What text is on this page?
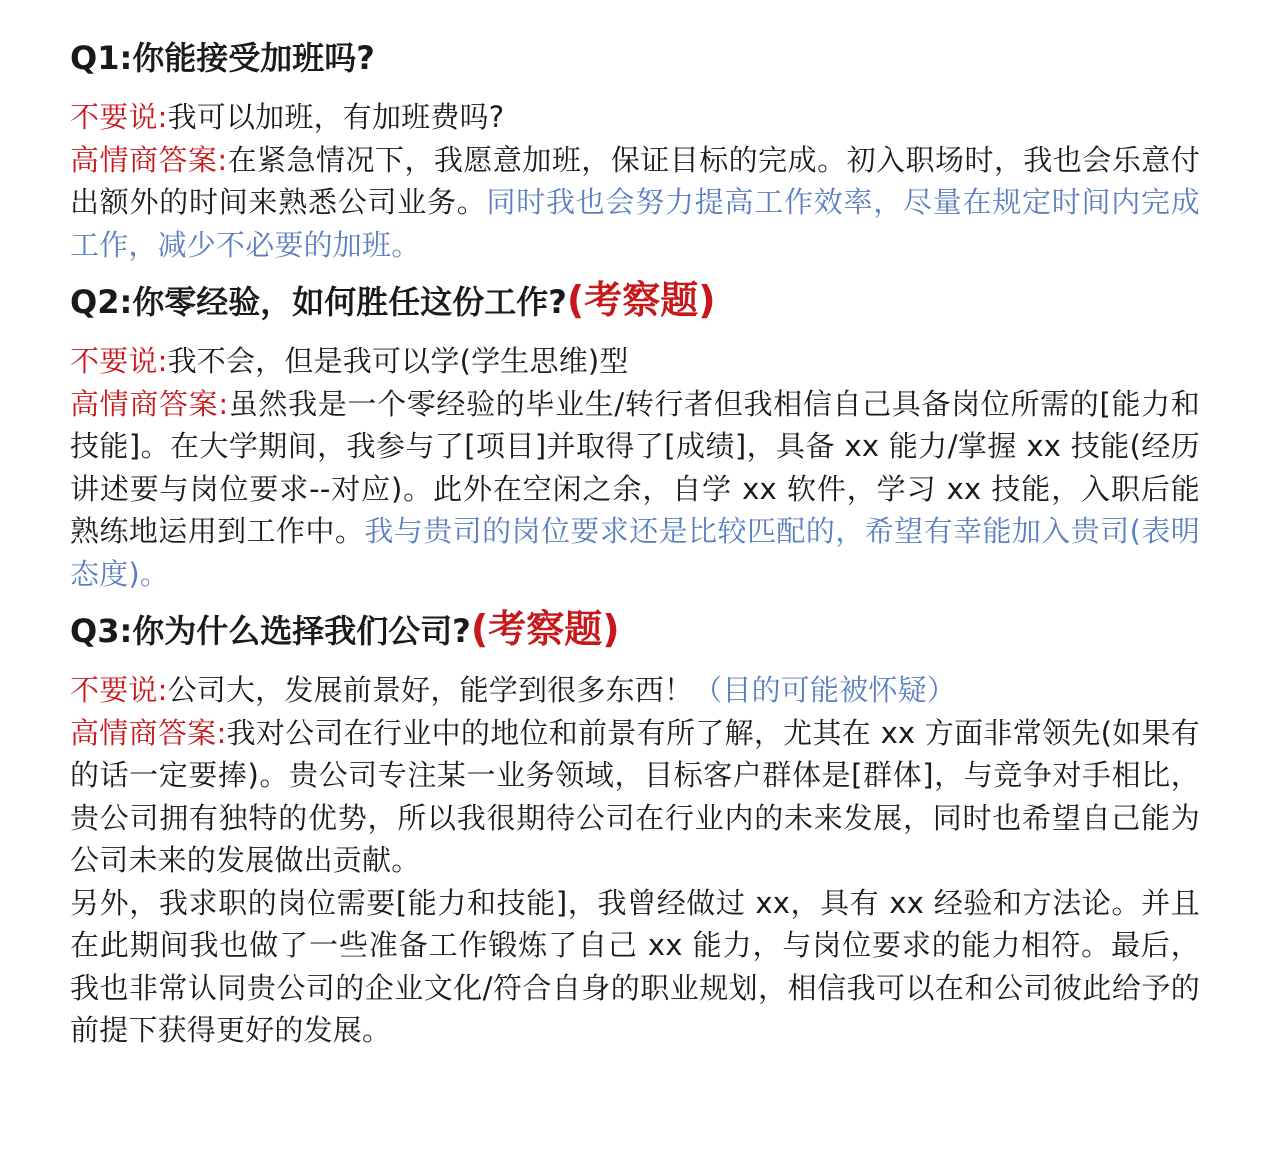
Q1:你能接受加班吗?

不要说:我可以加班，有加班费吗?

高情商答案:在紧急情况下，我愿意加班，保证目标的完成。初入职场时，我也会乐意付出额外的时间来熟悉公司业务。同时我也会努力提高工作效率，尽量在规定时间内完成工作，减少不必要的加班。

Q2:你零经验，如何胜任这份工作?(考察题)

不要说:我不会，但是我可以学(学生思维)型

高情商答案:虽然我是一个零经验的毕业生/转行者但我相信自己具备岗位所需的[能力和技能]。在大学期间，我参与了[项目]并取得了[成绩]，具备 xx 能力/掌握 xx 技能(经历讲述要与岗位要求--对应)。此外在空闲之余，自学 xx 软件，学习 xx 技能，入职后能熟练地运用到工作中。我与贵司的岗位要求还是比较匹配的，希望有幸能加入贵司(表明态度)。

Q3:你为什么选择我们公司?(考察题)

不要说:公司大，发展前景好，能学到很多东西！（目的可能被怀疑）

高情商答案:我对公司在行业中的地位和前景有所了解，尤其在 xx 方面非常领先(如果有的话一定要捧)。贵公司专注某一业务领域，目标客户群体是[群体]，与竞争对手相比，贵公司拥有独特的优势，所以我很期待公司在行业内的未来发展，同时也希望自己能为公司未来的发展做出贡献。

另外，我求职的岗位需要[能力和技能]，我曾经做过 xx，具有 xx 经验和方法论。并且在此期间我也做了一些准备工作锻炼了自己 xx 能力，与岗位要求的能力相符。最后，我也非常认同贵公司的企业文化/符合自身的职业规划，相信我可以在和公司彼此给予的前提下获得更好的发展。
